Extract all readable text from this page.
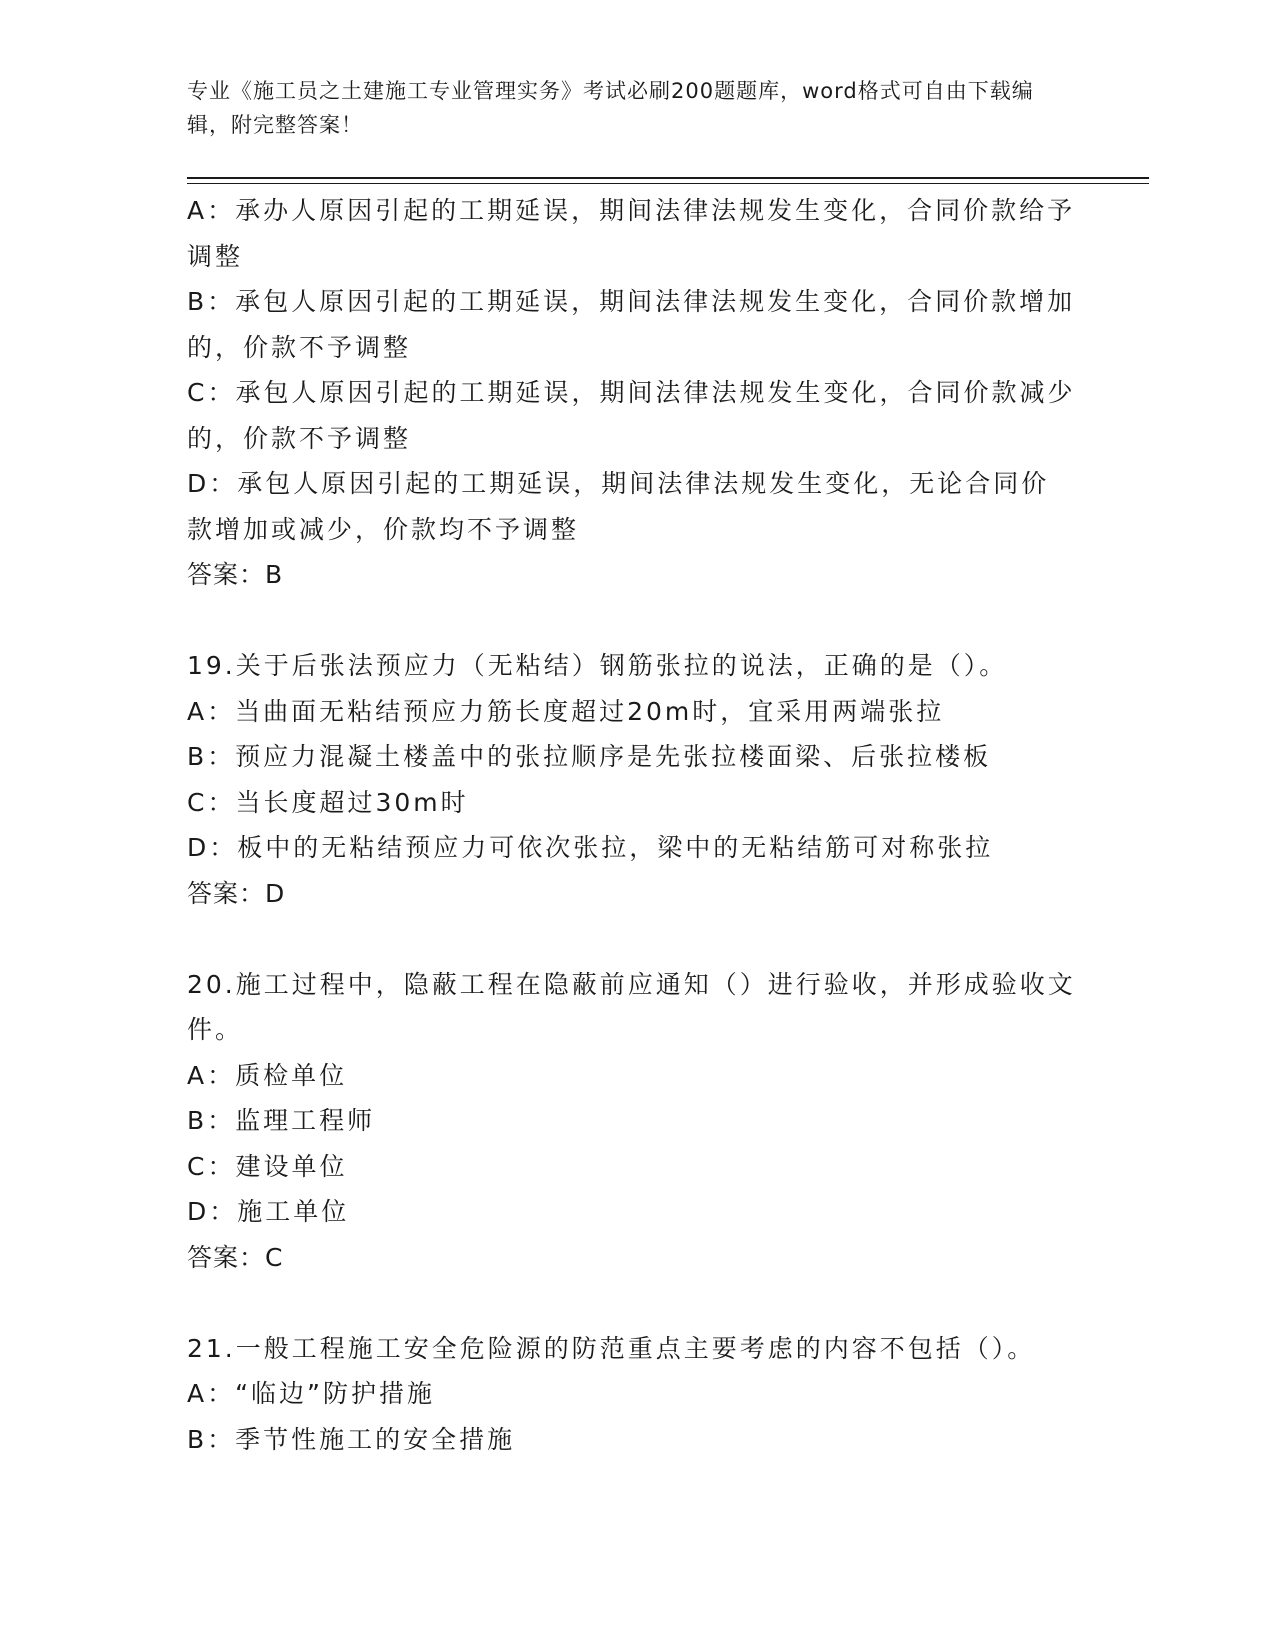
专业《施工员之土建施工专业管理实务》考试必刷200题题库，word格式可自由下载编辑，附完整答案！
A：承办人原因引起的工期延误，期间法律法规发生变化，合同价款给予调整
B：承包人原因引起的工期延误，期间法律法规发生变化，合同价款增加的，价款不予调整
C：承包人原因引起的工期延误，期间法律法规发生变化，合同价款减少的，价款不予调整
D：承包人原因引起的工期延误，期间法律法规发生变化，无论合同价款增加或减少，价款均不予调整
答案：B
19.关于后张法预应力（无粘结）钢筋张拉的说法，正确的是（）。
A：当曲面无粘结预应力筋长度超过20m时，宜采用两端张拉
B：预应力混凝土楼盖中的张拉顺序是先张拉楼面梁、后张拉楼板
C：当长度超过30m时
D：板中的无粘结预应力可依次张拉，梁中的无粘结筋可对称张拉
答案：D
20.施工过程中，隐蔽工程在隐蔽前应通知（）进行验收，并形成验收文件。
A：质检单位
B：监理工程师
C：建设单位
D：施工单位
答案：C
21.一般工程施工安全危险源的防范重点主要考虑的内容不包括（）。
A：“临边”防护措施
B：季节性施工的安全措施
